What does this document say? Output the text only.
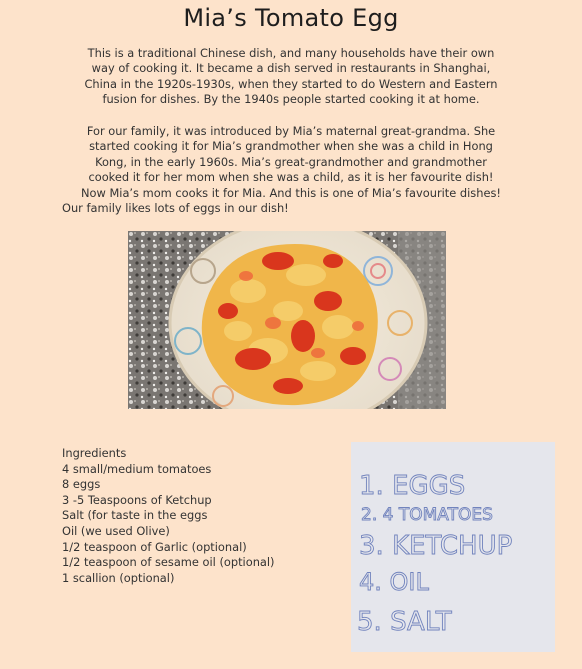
Mia’s Tomato Egg

This is a traditional Chinese dish, and many households have their own
way of cooking it. It became a dish served in restaurants in Shanghai,
China in the 1920s-1930s, when they started to do Western and Eastern
fusion for dishes. By the 1940s people started cooking it at home.

For our family, it was introduced by Mia’s maternal great-grandma. She
started cooking it for Mia’s grandmother when she was a child in Hong
Kong, in the early 1960s. Mia’s great-grandmother and grandmother
cooked it for her mom when she was a child, as it is her favourite dish!
Now Mia’s mom cooks it for Mia. And this is one of Mia’s favourite dishes!
Our family likes lots of eggs in our dish!

Ingredients
4 small/medium tomatoes
8 eggs
3 -5 Teaspoons of Ketchup
Salt (for taste in the eggs
Oil (we used Olive)
1/2 teaspoon of Garlic (optional)
1/2 teaspoon of sesame oil (optional)
1 scallion (optional)
1. EGGS
2. 4 TOMATOES
3. KETCHUP
4. OIL
5. SALT
